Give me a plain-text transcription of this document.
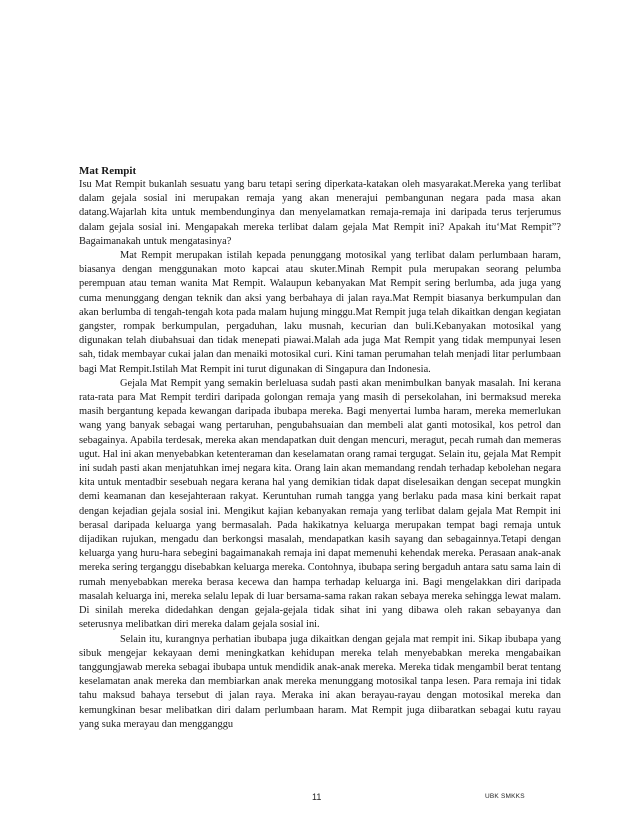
Mat Rempit

Isu Mat Rempit bukanlah sesuatu yang baru tetapi sering diperkata-katakan oleh masyarakat.Mereka yang terlibat dalam gejala sosial ini merupakan remaja yang akan menerajui pembangunan negara pada masa akan datang.Wajarlah kita untuk membendunginya dan menyelamatkan remaja-remaja ini daripada terus terjerumus dalam gejala sosial ini. Mengapakah mereka terlibat dalam gejala Mat Rempit ini? Apakah itu‘Mat Rempit”? Bagaimanakah untuk mengatasinya?

Mat Rempit merupakan istilah kepada penunggang motosikal yang terlibat dalam perlumbaan haram, biasanya dengan menggunakan moto kapcai atau skuter.Minah Rempit pula merupakan seorang pelumba perempuan atau teman wanita Mat Rempit. Walaupun kebanyakan Mat Rempit sering berlumba, ada juga yang cuma menunggang dengan teknik dan aksi yang berbahaya di jalan raya.Mat Rempit biasanya berkumpulan dan akan berlumba di tengah-tengah kota pada malam hujung minggu.Mat Rempit juga telah dikaitkan dengan kegiatan gangster, rompak berkumpulan, pergaduhan, laku musnah, kecurian dan buli.Kebanyakan motosikal yang digunakan telah diubahsuai dan tidak menepati piawai.Malah ada juga Mat Rempit yang tidak mempunyai lesen sah, tidak membayar cukai jalan dan menaiki motosikal curi. Kini taman perumahan telah menjadi litar perlumbaan bagi Mat Rempit.Istilah Mat Rempit ini turut digunakan di Singapura dan Indonesia.

Gejala Mat Rempit yang semakin berleluasa sudah pasti akan menimbulkan banyak masalah. Ini kerana rata-rata para Mat Rempit terdiri daripada golongan remaja yang masih di persekolahan, ini bermaksud mereka masih bergantung kepada kewangan daripada ibubapa mereka. Bagi menyertai lumba haram, mereka memerlukan wang yang banyak sebagai wang pertaruhan, pengubahsuaian dan membeli alat ganti motosikal, kos petrol dan sebagainya. Apabila terdesak, mereka akan mendapatkan duit dengan mencuri, meragut, pecah rumah dan memeras ugut. Hal ini akan menyebabkan ketenteraman dan keselamatan orang ramai tergugat. Selain itu, gejala Mat Rempit ini sudah pasti akan menjatuhkan imej negara kita. Orang lain akan memandang rendah terhadap kebolehan negara kita untuk mentadbir sesebuah negara kerana hal yang demikian tidak dapat diselesaikan dengan secepat mungkin demi keamanan dan kesejahteraan rakyat. Keruntuhan rumah tangga yang berlaku pada masa kini berkait rapat dengan kejadian gejala sosial ini. Mengikut kajian kebanyakan remaja yang terlibat dalam gejala Mat Rempit ini berasal daripada keluarga yang bermasalah. Pada hakikatnya keluarga merupakan tempat bagi remaja untuk dijadikan rujukan, mengadu dan berkongsi masalah, mendapatkan kasih sayang dan sebagainnya.Tetapi dengan keluarga yang huru-hara sebegini bagaimanakah remaja ini dapat memenuhi kehendak mereka. Perasaan anak-anak mereka sering terganggu disebabkan keluarga mereka. Contohnya, ibubapa sering bergaduh antara satu sama lain di rumah menyebabkan mereka berasa kecewa dan hampa terhadap keluarga ini. Bagi mengelakkan diri daripada masalah keluarga ini, mereka selalu lepak di luar bersama-sama rakan rakan sebaya mereka sehingga lewat malam. Di sinilah mereka didedahkan dengan gejala-gejala tidak sihat ini yang dibawa oleh rakan sebayanya dan seterusnya melibatkan diri mereka dalam gejala sosial ini.

Selain itu, kurangnya perhatian ibubapa juga dikaitkan dengan gejala mat rempit ini. Sikap ibubapa yang sibuk mengejar kekayaan demi meningkatkan kehidupan mereka telah menyebabkan mereka mengabaikan tanggungjawab mereka sebagai ibubapa untuk mendidik anak-anak mereka. Mereka tidak mengambil berat tentang keselamatan anak mereka dan membiarkan anak mereka menunggang motosikal tanpa lesen. Para remaja ini tidak tahu maksud bahaya tersebut di jalan raya. Meraka ini akan berayau-rayau dengan motosikal mereka dan kemungkinan besar melibatkan diri dalam perlumbaan haram. Mat Rempit juga diibaratkan sebagai kutu rayau yang suka merayau dan mengganggu

11	UBK SMKKS
